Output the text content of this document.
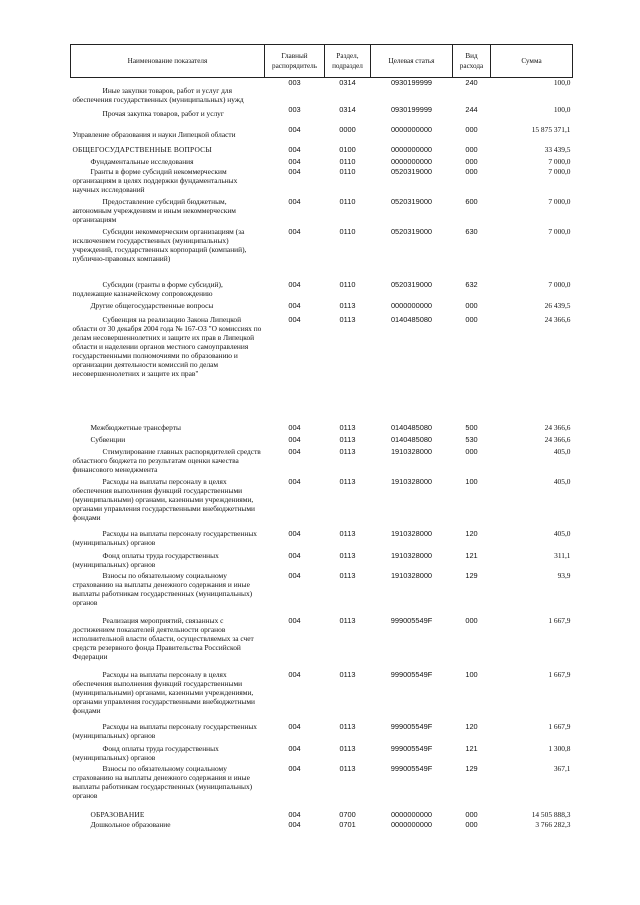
Наименование показателя	Главный распорядитель	Раздел, подраздел	Целевая статья	Вид расхода	Сумма
Иные закупки товаров, работ и услуг для обеспечения государственных (муниципальных) нужд	003	0314	0930199999	240	100,0
Прочая закупка товаров, работ и услуг	003	0314	0930199999	244	100,0
Управление образования и науки Липецкой области	004	0000	0000000000	000	15 875 371,1
ОБЩЕГОСУДАРСТВЕННЫЕ ВОПРОСЫ	004	0100	0000000000	000	33 439,5
Фундаментальные исследования	004	0110	0000000000	000	7 000,0
Гранты в форме субсидий некоммерческим организациям в целях поддержки фундаментальных научных исследований	004	0110	0520319000	000	7 000,0
Предоставление субсидий бюджетным, автономным учреждениям и иным некоммерческим организациям	004	0110	0520319000	600	7 000,0
Субсидии некоммерческим организациям (за исключением государственных (муниципальных) учреждений, государственных корпораций (компаний), публично-правовых компаний)	004	0110	0520319000	630	7 000,0
Субсидии (гранты в форме субсидий), подлежащие казначейскому сопровождению	004	0110	0520319000	632	7 000,0
Другие общегосударственные вопросы	004	0113	0000000000	000	26 439,5
Субвенция на реализацию Закона Липецкой области от 30 декабря 2004 года № 167-ОЗ "О комиссиях по делам несовершеннолетних и защите их прав в Липецкой области и наделении органов местного самоуправления государственными полномочиями по образованию и организации деятельности комиссий по делам несовершеннолетних и защите их прав"	004	0113	0140485080	000	24 366,6
Межбюджетные трансферты	004	0113	0140485080	500	24 366,6
Субвенции	004	0113	0140485080	530	24 366,6
Стимулирование главных распорядителей средств областного бюджета по результатам оценки качества финансового менеджмента	004	0113	1910328000	000	405,0
Расходы на выплаты персоналу в целях обеспечения выполнения функций государственными (муниципальными) органами, казенными учреждениями, органами управления государственными внебюджетными фондами	004	0113	1910328000	100	405,0
Расходы на выплаты персоналу государственных (муниципальных) органов	004	0113	1910328000	120	405,0
Фонд оплаты труда государственных (муниципальных) органов	004	0113	1910328000	121	311,1
Взносы по обязательному социальному страхованию на выплаты денежного содержания и иные выплаты работникам государственных (муниципальных) органов	004	0113	1910328000	129	93,9
Реализация мероприятий, связанных с достижением показателей деятельности органов исполнительной власти области, осуществляемых за счет средств резервного фонда Правительства Российской Федерации	004	0113	999005549F	000	1 667,9
Расходы на выплаты персоналу в целях обеспечения выполнения функций государственными (муниципальными) органами, казенными учреждениями, органами управления государственными внебюджетными фондами	004	0113	999005549F	100	1 667,9
Расходы на выплаты персоналу государственных (муниципальных) органов	004	0113	999005549F	120	1 667,9
Фонд оплаты труда государственных (муниципальных) органов	004	0113	999005549F	121	1 300,8
Взносы по обязательному социальному страхованию на выплаты денежного содержания и иные выплаты работникам государственных (муниципальных) органов	004	0113	999005549F	129	367,1
ОБРАЗОВАНИЕ	004	0700	0000000000	000	14 505 888,3
Дошкольное образование	004	0701	0000000000	000	3 766 282,3
